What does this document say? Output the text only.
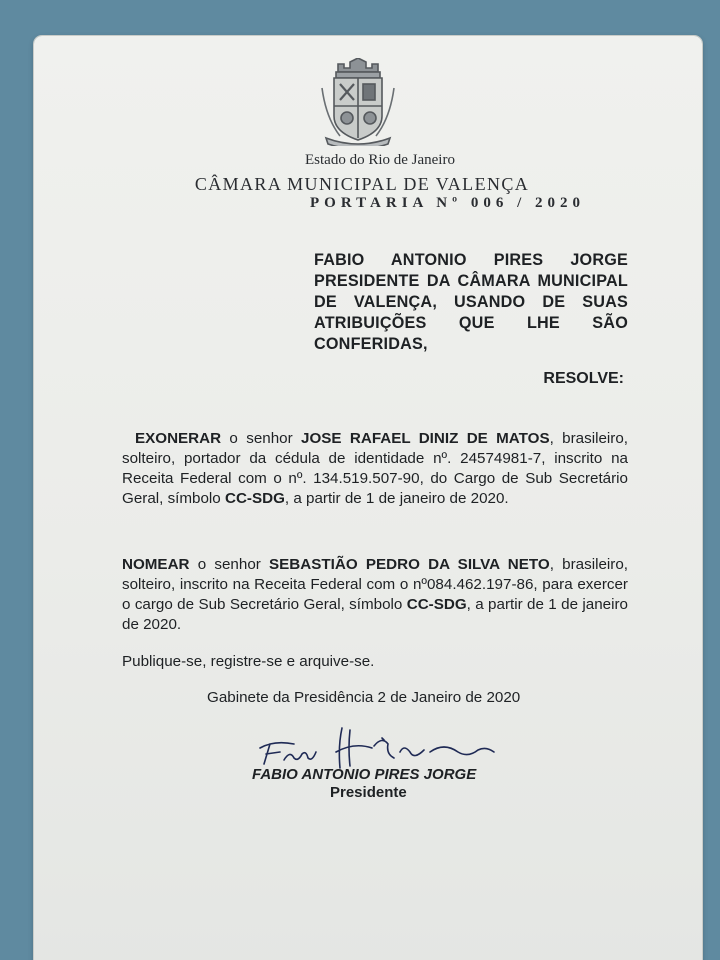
Estado do Rio de Janeiro
CÂMARA MUNICIPAL DE VALENÇA
PORTARIA Nº 006 / 2020
FABIO ANTONIO PIRES JORGE PRESIDENTE DA CÂMARA MUNICIPAL DE VALENÇA, USANDO DE SUAS ATRIBUIÇÕES QUE LHE SÃO CONFERIDAS,
RESOLVE:
EXONERAR o senhor JOSE RAFAEL DINIZ DE MATOS, brasileiro, solteiro, portador da cédula de identidade nº. 24574981-7, inscrito na Receita Federal com o nº. 134.519.507-90, do Cargo de Sub Secretário Geral, símbolo CC-SDG, a partir de 1 de janeiro de 2020.
NOMEAR o senhor SEBASTIÃO PEDRO DA SILVA NETO, brasileiro, solteiro, inscrito na Receita Federal com o nº084.462.197-86, para exercer o cargo de Sub Secretário Geral, símbolo CC-SDG, a partir de 1 de janeiro de 2020.
Publique-se, registre-se e arquive-se.
Gabinete da Presidência 2 de Janeiro de 2020
FABIO ANTONIO PIRES JORGE
Presidente
